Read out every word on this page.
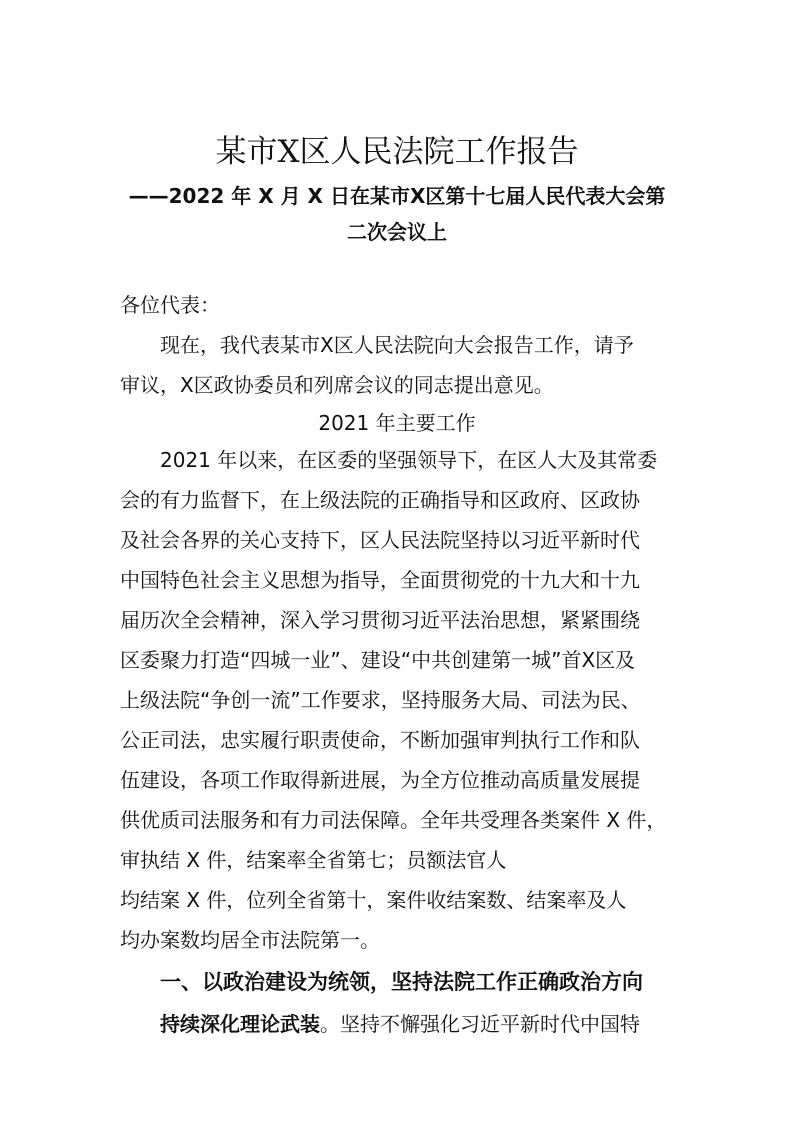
某市X区人民法院工作报告
——2022 年 X 月 X 日在某市X区第十七届人民代表大会第
二次会议上
各位代表：
现在，我代表某市X区人民法院向大会报告工作，请予
审议，X区政协委员和列席会议的同志提出意见。
2021 年主要工作
2021 年以来，在区委的坚强领导下，在区人大及其常委
会的有力监督下，在上级法院的正确指导和区政府、区政协
及社会各界的关心支持下，区人民法院坚持以习近平新时代
中国特色社会主义思想为指导，全面贯彻党的十九大和十九
届历次全会精神，深入学习贯彻习近平法治思想，紧紧围绕
区委聚力打造“四城一业”、建设“中共创建第一城”首X区及
上级法院“争创一流”工作要求，坚持服务大局、司法为民、
公正司法，忠实履行职责使命，不断加强审判执行工作和队
伍建设，各项工作取得新进展，为全方位推动高质量发展提
供优质司法服务和有力司法保障。全年共受理各类案件 X 件，
审执结 X 件，结案率全省第七；员额法官人
均结案 X 件，位列全省第十，案件收结案数、结案率及人
均办案数均居全市法院第一。
一、以政治建设为统领，坚持法院工作正确政治方向
持续深化理论武装。坚持不懈强化习近平新时代中国特
